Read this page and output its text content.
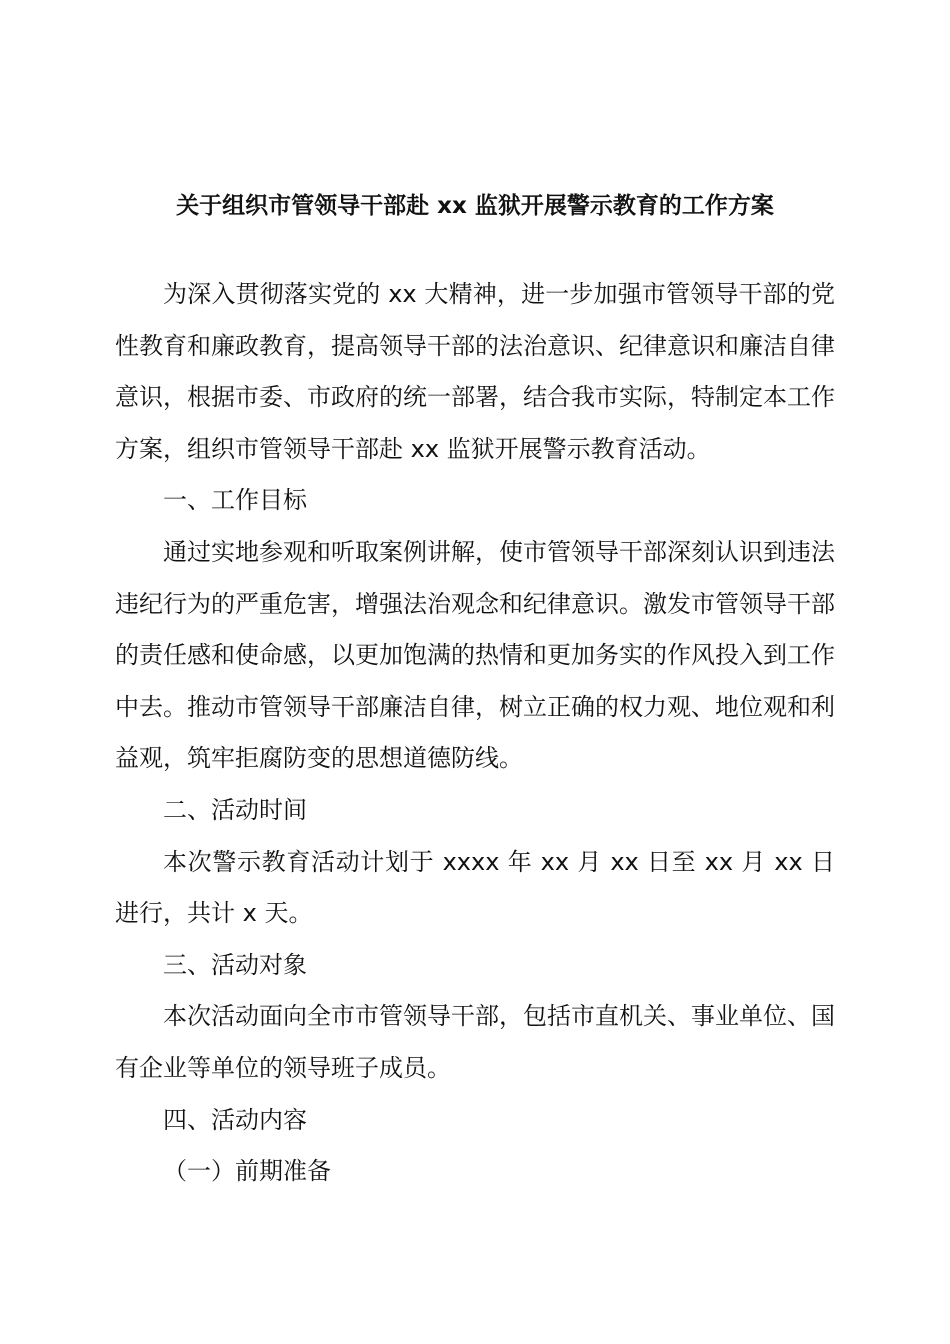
关于组织市管领导干部赴 xx 监狱开展警示教育的工作方案

为深入贯彻落实党的 xx 大精神，进一步加强市管领导干部的党性教育和廉政教育，提高领导干部的法治意识、纪律意识和廉洁自律意识，根据市委、市政府的统一部署，结合我市实际，特制定本工作方案，组织市管领导干部赴 xx 监狱开展警示教育活动。

一、工作目标

通过实地参观和听取案例讲解，使市管领导干部深刻认识到违法违纪行为的严重危害，增强法治观念和纪律意识。激发市管领导干部的责任感和使命感，以更加饱满的热情和更加务实的作风投入到工作中去。推动市管领导干部廉洁自律，树立正确的权力观、地位观和利益观，筑牢拒腐防变的思想道德防线。

二、活动时间

本次警示教育活动计划于 xxxx 年 xx 月 xx 日至 xx 月 xx 日进行，共计 x 天。

三、活动对象

本次活动面向全市市管领导干部，包括市直机关、事业单位、国有企业等单位的领导班子成员。

四、活动内容

（一）前期准备
